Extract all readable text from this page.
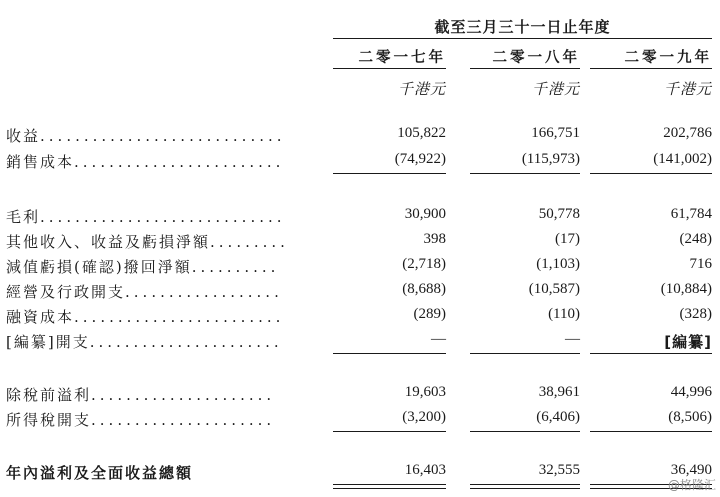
截至三月三十一日止年度
二零一七年	二零一八年	二零一九年
千港元	千港元	千港元
收益............................	105,822	166,751	202,786
銷售成本........................	(74,922)	(115,973)	(141,002)
毛利............................	30,900	50,778	61,784
其他收入、收益及虧損淨額.........	398	(17)	(248)
減值虧損(確認)撥回淨額..........	(2,718)	(1,103)	716
經營及行政開支..................	(8,688)	(10,587)	(10,884)
融資成本........................	(289)	(110)	(328)
[編纂]開支......................	—	—	[編纂]
除稅前溢利.....................	19,603	38,961	44,996
所得稅開支.....................	(3,200)	(6,406)	(8,506)
年內溢利及全面收益總額	16,403	32,555	36,490
@格隆汇
